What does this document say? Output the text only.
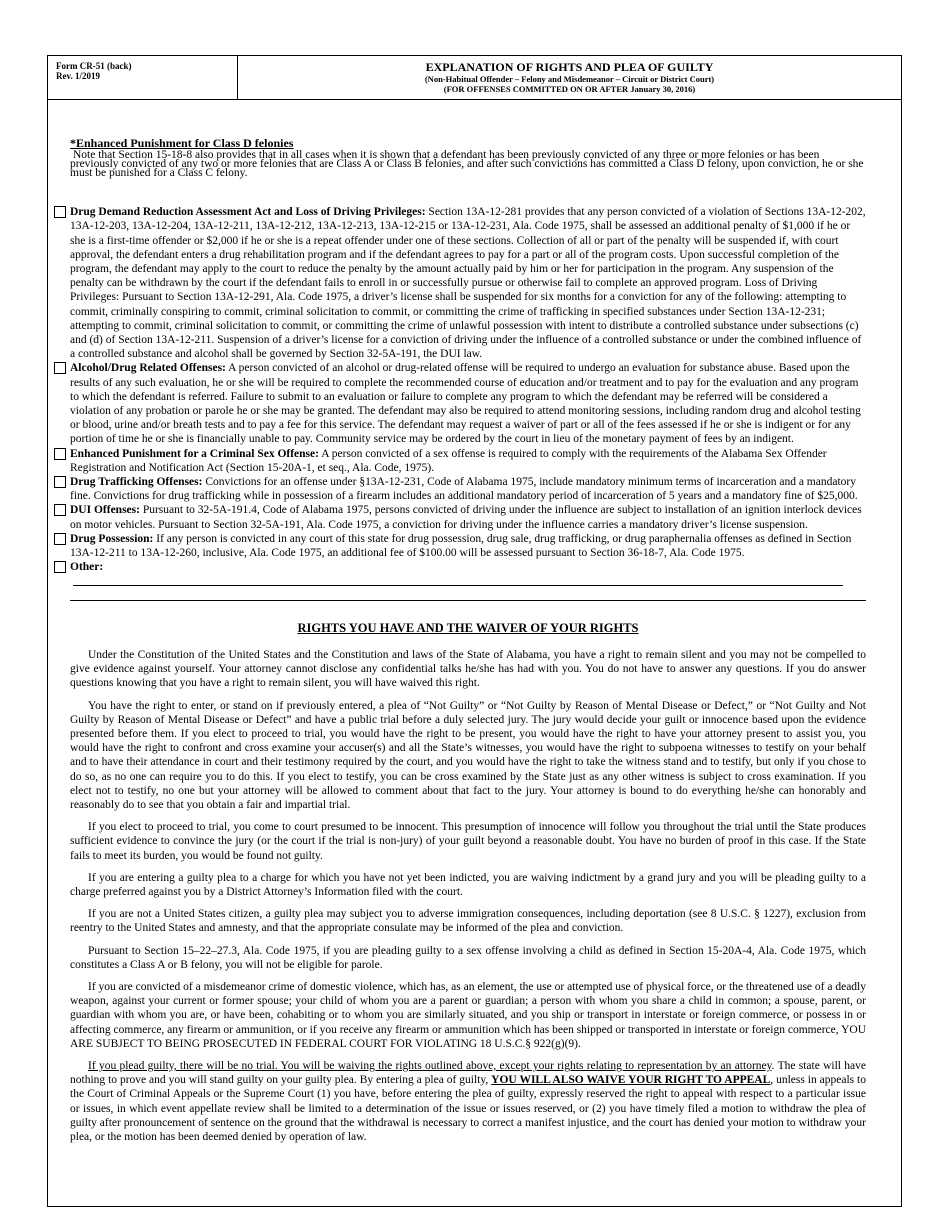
Form CR-51 (back)
Rev. 1/2019
EXPLANATION OF RIGHTS AND PLEA OF GUILTY
(Non-Habitual Offender – Felony and Misdemeanor – Circuit or District Court)
(FOR OFFENSES COMMITTED ON OR AFTER January 30, 2016)
*Enhanced Punishment for Class D felonies
Note that Section 15-18-8 also provides that in all cases when it is shown that a defendant has been previously convicted of any three or more felonies or has been previously convicted of any two or more felonies that are Class A or Class B felonies, and after such convictions has committed a Class D felony, upon conviction, he or she must be punished for a Class C felony.
Drug Demand Reduction Assessment Act and Loss of Driving Privileges: Section 13A-12-281 provides that any person convicted of a violation of Sections 13A-12-202, 13A-12-203, 13A-12-204, 13A-12-211, 13A-12-212, 13A-12-213, 13A-12-215 or 13A-12-231, Ala. Code 1975, shall be assessed an additional penalty of $1,000 if he or she is a first-time offender or $2,000 if he or she is a repeat offender under one of these sections. Collection of all or part of the penalty will be suspended if, with court approval, the defendant enters a drug rehabilitation program and if the defendant agrees to pay for a part or all of the program costs. Upon successful completion of the program, the defendant may apply to the court to reduce the penalty by the amount actually paid by him or her for participation in the program. Any suspension of the penalty can be withdrawn by the court if the defendant fails to enroll in or successfully pursue or otherwise fail to complete an approved program. Loss of Driving Privileges: Pursuant to Section 13A-12-291, Ala. Code 1975, a driver’s license shall be suspended for six months for a conviction for any of the following: attempting to commit, criminally conspiring to commit, criminal solicitation to commit, or committing the crime of trafficking in specified substances under Section 13A-12-231; attempting to commit, criminal solicitation to commit, or committing the crime of unlawful possession with intent to distribute a controlled substance under subsections (c) and (d) of Section 13A-12-211. Suspension of a driver’s license for a conviction of driving under the influence of a controlled substance or under the combined influence of a controlled substance and alcohol shall be governed by Section 32-5A-191, the DUI law.
Alcohol/Drug Related Offenses: A person convicted of an alcohol or drug-related offense will be required to undergo an evaluation for substance abuse. Based upon the results of any such evaluation, he or she will be required to complete the recommended course of education and/or treatment and to pay for the evaluation and any program to which the defendant is referred. Failure to submit to an evaluation or failure to complete any program to which the defendant may be referred will be considered a violation of any probation or parole he or she may be granted. The defendant may also be required to attend monitoring sessions, including random drug and alcohol testing or blood, urine and/or breath tests and to pay a fee for this service. The defendant may request a waiver of part or all of the fees assessed if he or she is indigent or for any portion of time he or she is financially unable to pay. Community service may be ordered by the court in lieu of the monetary payment of fees by an indigent.
Enhanced Punishment for a Criminal Sex Offense: A person convicted of a sex offense is required to comply with the requirements of the Alabama Sex Offender Registration and Notification Act (Section 15-20A-1, et seq., Ala. Code, 1975).
Drug Trafficking Offenses: Convictions for an offense under §13A-12-231, Code of Alabama 1975, include mandatory minimum terms of incarceration and a mandatory fine. Convictions for drug trafficking while in possession of a firearm includes an additional mandatory period of incarceration of 5 years and a mandatory fine of $25,000.
DUI Offenses: Pursuant to 32-5A-191.4, Code of Alabama 1975, persons convicted of driving under the influence are subject to installation of an ignition interlock devices on motor vehicles. Pursuant to Section 32-5A-191, Ala. Code 1975, a conviction for driving under the influence carries a mandatory driver’s license suspension.
Drug Possession: If any person is convicted in any court of this state for drug possession, drug sale, drug trafficking, or drug paraphernalia offenses as defined in Section 13A-12-211 to 13A-12-260, inclusive, Ala. Code 1975, an additional fee of $100.00 will be assessed pursuant to Section 36-18-7, Ala. Code 1975.
Other:
RIGHTS YOU HAVE AND THE WAIVER OF YOUR RIGHTS

Under the Constitution of the United States and the Constitution and laws of the State of Alabama, you have a right to remain silent and you may not be compelled to give evidence against yourself. Your attorney cannot disclose any confidential talks he/she has had with you. You do not have to answer any questions. If you do answer questions knowing that you have a right to remain silent, you will have waived this right.

You have the right to enter, or stand on if previously entered, a plea of “Not Guilty” or “Not Guilty by Reason of Mental Disease or Defect,” or “Not Guilty and Not Guilty by Reason of Mental Disease or Defect” and have a public trial before a duly selected jury. The jury would decide your guilt or innocence based upon the evidence presented before them. If you elect to proceed to trial, you would have the right to be present, you would have the right to have your attorney present to assist you, you would have the right to confront and cross examine your accuser(s) and all the State’s witnesses, you would have the right to subpoena witnesses to testify on your behalf and to have their attendance in court and their testimony required by the court, and you would have the right to take the witness stand and to testify, but only if you chose to do so, as no one can require you to do this. If you elect to testify, you can be cross examined by the State just as any other witness is subject to cross examination. If you elect not to testify, no one but your attorney will be allowed to comment about that fact to the jury. Your attorney is bound to do everything he/she can honorably and reasonably do to see that you obtain a fair and impartial trial.

If you elect to proceed to trial, you come to court presumed to be innocent. This presumption of innocence will follow you throughout the trial until the State produces sufficient evidence to convince the jury (or the court if the trial is non-jury) of your guilt beyond a reasonable doubt. You have no burden of proof in this case. If the State fails to meet its burden, you would be found not guilty.

If you are entering a guilty plea to a charge for which you have not yet been indicted, you are waiving indictment by a grand jury and you will be pleading guilty to a charge preferred against you by a District Attorney’s Information filed with the court.

If you are not a United States citizen, a guilty plea may subject you to adverse immigration consequences, including deportation (see 8 U.S.C. § 1227), exclusion from reentry to the United States and amnesty, and that the appropriate consulate may be informed of the plea and conviction.

Pursuant to Section 15–22–27.3, Ala. Code 1975, if you are pleading guilty to a sex offense involving a child as defined in Section 15-20A-4, Ala. Code 1975, which constitutes a Class A or B felony, you will not be eligible for parole.

If you are convicted of a misdemeanor crime of domestic violence, which has, as an element, the use or attempted use of physical force, or the threatened use of a deadly weapon, against your current or former spouse; your child of whom you are a parent or guardian; a person with whom you share a child in common; a spouse, parent, or guardian with whom you are, or have been, cohabiting or to whom you are similarly situated, and you ship or transport in interstate or foreign commerce, or possess in or affecting commerce, any firearm or ammunition, or if you receive any firearm or ammunition which has been shipped or transported in interstate or foreign commerce, YOU ARE SUBJECT TO BEING PROSECUTED IN FEDERAL COURT FOR VIOLATING 18 U.S.C.§ 922(g)(9).

If you plead guilty, there will be no trial. You will be waiving the rights outlined above, except your rights relating to representation by an attorney. The state will have nothing to prove and you will stand guilty on your guilty plea. By entering a plea of guilty, YOU WILL ALSO WAIVE YOUR RIGHT TO APPEAL, unless in appeals to the Court of Criminal Appeals or the Supreme Court (1) you have, before entering the plea of guilty, expressly reserved the right to appeal with respect to a particular issue or issues, in which event appellate review shall be limited to a determination of the issue or issues reserved, or (2) you have timely filed a motion to withdraw the plea of guilty after pronouncement of sentence on the ground that the withdrawal is necessary to correct a manifest injustice, and the court has denied your motion to withdraw your plea, or the motion has been deemed denied by operation of law.
